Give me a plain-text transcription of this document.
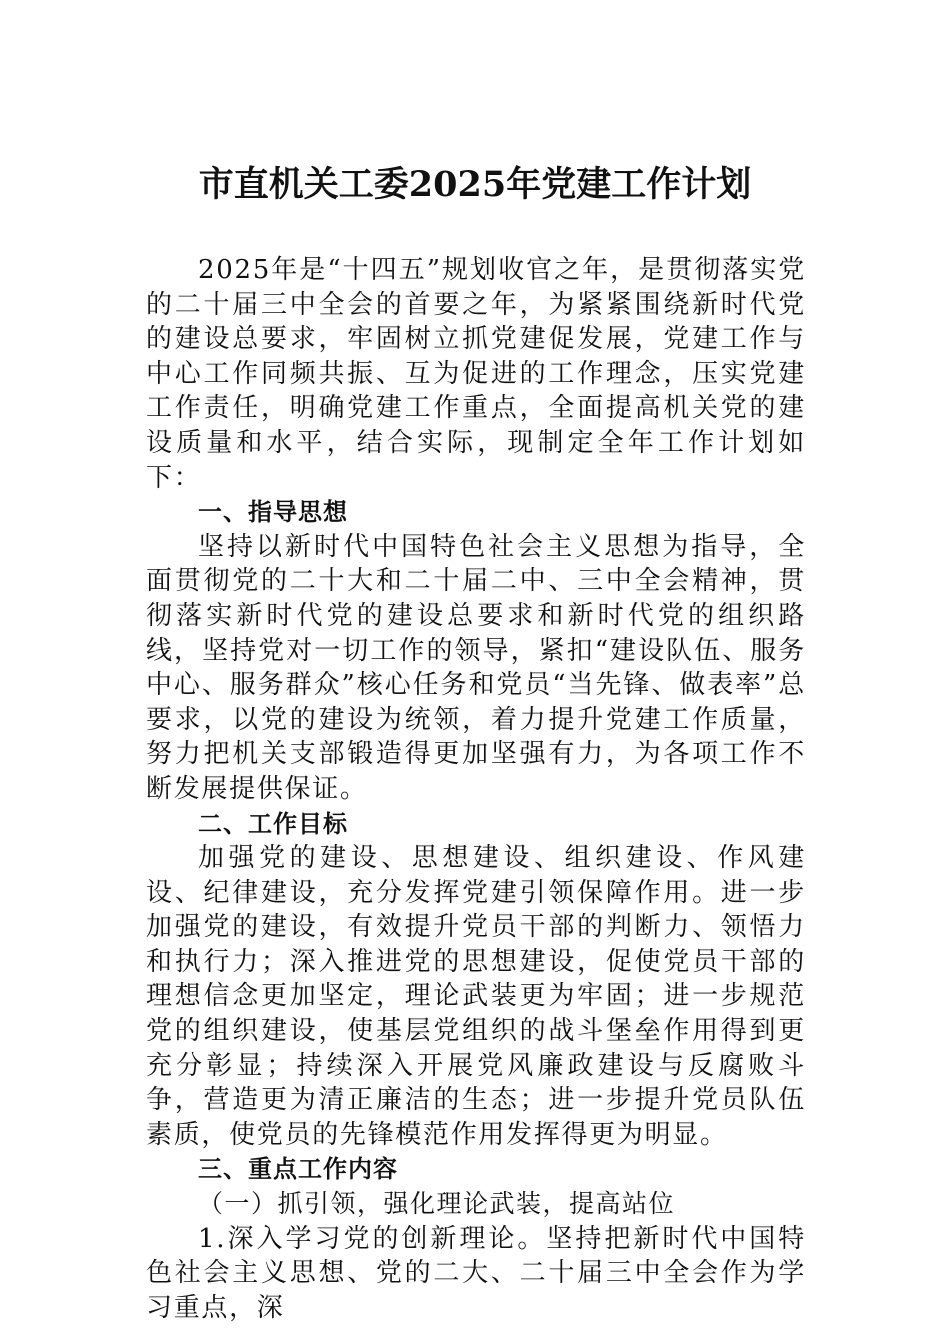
市直机关工委2025年党建工作计划

2025年是“十四五”规划收官之年，是贯彻落实党的二十届三中全会的首要之年，为紧紧围绕新时代党的建设总要求，牢固树立抓党建促发展，党建工作与中心工作同频共振、互为促进的工作理念，压实党建工作责任，明确党建工作重点，全面提高机关党的建设质量和水平，结合实际，现制定全年工作计划如下：

一、指导思想

坚持以新时代中国特色社会主义思想为指导，全面贯彻党的二十大和二十届二中、三中全会精神，贯彻落实新时代党的建设总要求和新时代党的组织路线，坚持党对一切工作的领导，紧扣“建设队伍、服务中心、服务群众”核心任务和党员“当先锋、做表率”总要求，以党的建设为统领，着力提升党建工作质量，努力把机关支部锻造得更加坚强有力，为各项工作不断发展提供保证。

二、工作目标

加强党的建设、思想建设、组织建设、作风建设、纪律建设，充分发挥党建引领保障作用。进一步加强党的建设，有效提升党员干部的判断力、领悟力和执行力；深入推进党的思想建设，促使党员干部的理想信念更加坚定，理论武装更为牢固；进一步规范党的组织建设，使基层党组织的战斗堡垒作用得到更充分彰显；持续深入开展党风廉政建设与反腐败斗争，营造更为清正廉洁的生态；进一步提升党员队伍素质，使党员的先锋模范作用发挥得更为明显。

三、重点工作内容
（一）抓引领，强化理论武装，提高站位

1.深入学习党的创新理论。坚持把新时代中国特色社会主义思想、党的二大、二十届三中全会作为学习重点，深
